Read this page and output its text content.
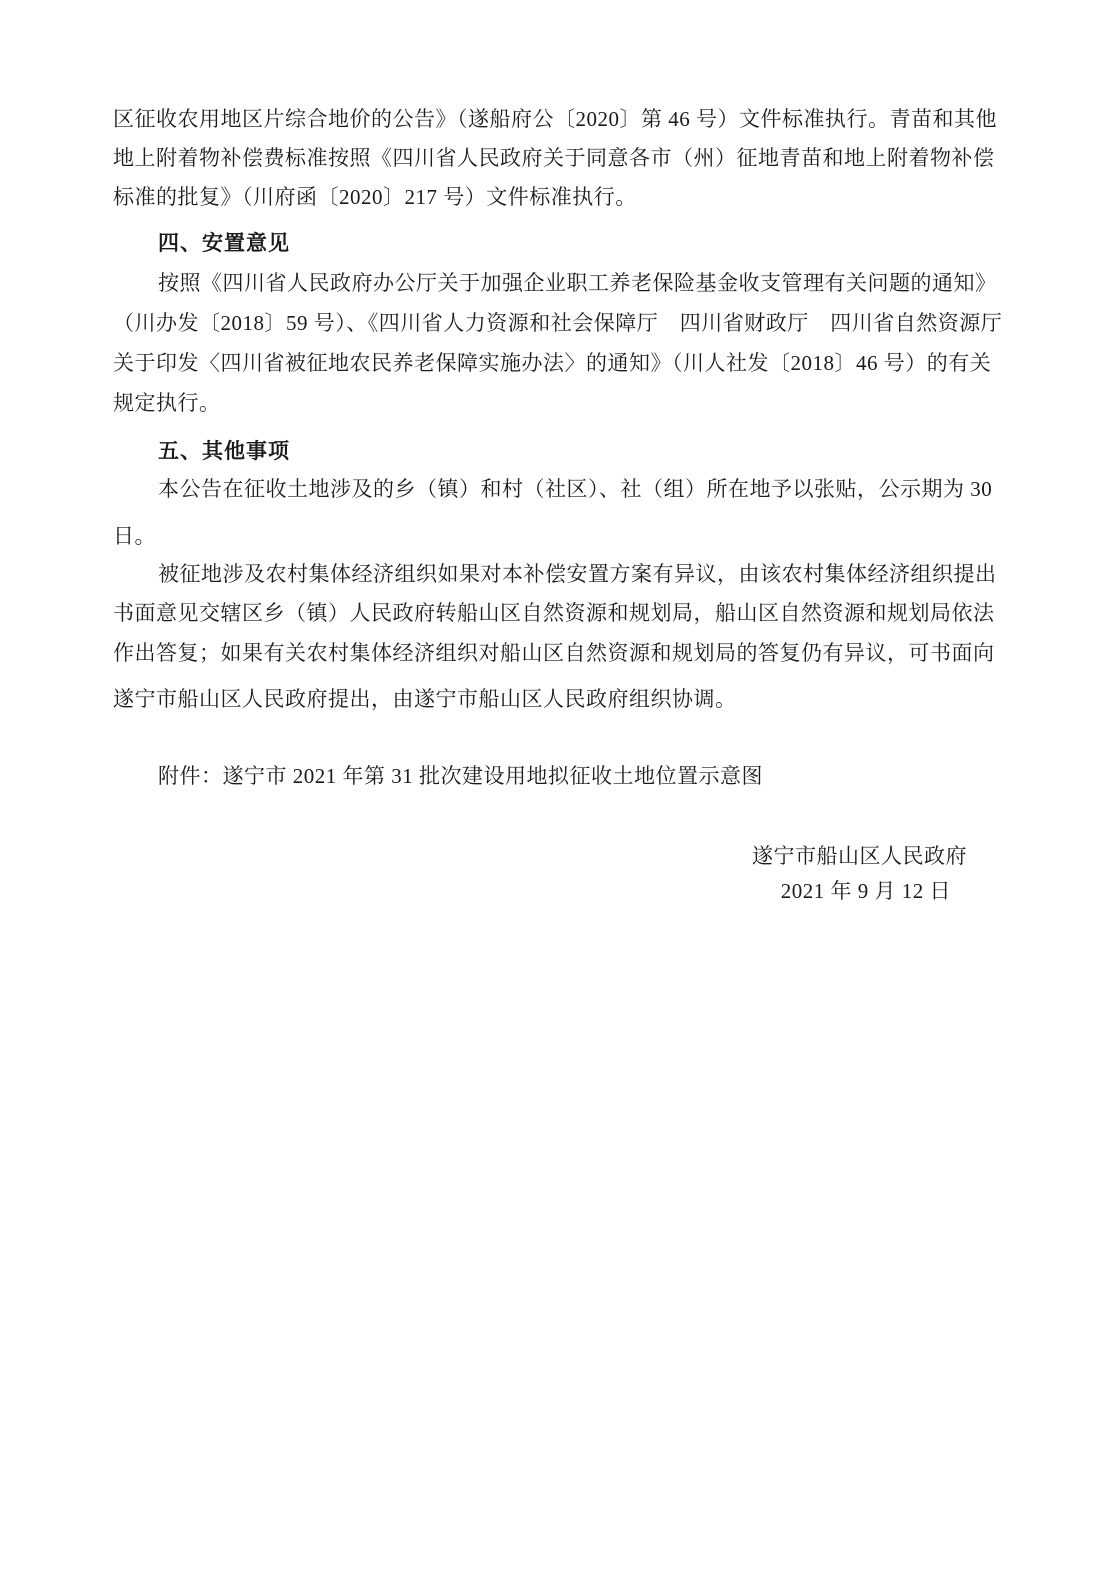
区征收农用地区片综合地价的公告》（遂船府公〔2020〕第 46 号）文件标准执行。青苗和其他
地上附着物补偿费标准按照《四川省人民政府关于同意各市（州）征地青苗和地上附着物补偿
标准的批复》（川府函〔2020〕217 号）文件标准执行。
四、安置意见
按照《四川省人民政府办公厅关于加强企业职工养老保险基金收支管理有关问题的通知》
（川办发〔2018〕59 号）、《四川省人力资源和社会保障厅　四川省财政厅　四川省自然资源厅
关于印发〈四川省被征地农民养老保障实施办法〉的通知》（川人社发〔2018〕46 号）的有关
规定执行。
五、其他事项
本公告在征收土地涉及的乡（镇）和村（社区）、社（组）所在地予以张贴，公示期为 30
日。
被征地涉及农村集体经济组织如果对本补偿安置方案有异议，由该农村集体经济组织提出
书面意见交辖区乡（镇）人民政府转船山区自然资源和规划局，船山区自然资源和规划局依法
作出答复；如果有关农村集体经济组织对船山区自然资源和规划局的答复仍有异议，可书面向
遂宁市船山区人民政府提出，由遂宁市船山区人民政府组织协调。
附件：遂宁市 2021 年第 31 批次建设用地拟征收土地位置示意图
遂宁市船山区人民政府
2021 年 9 月 12 日
